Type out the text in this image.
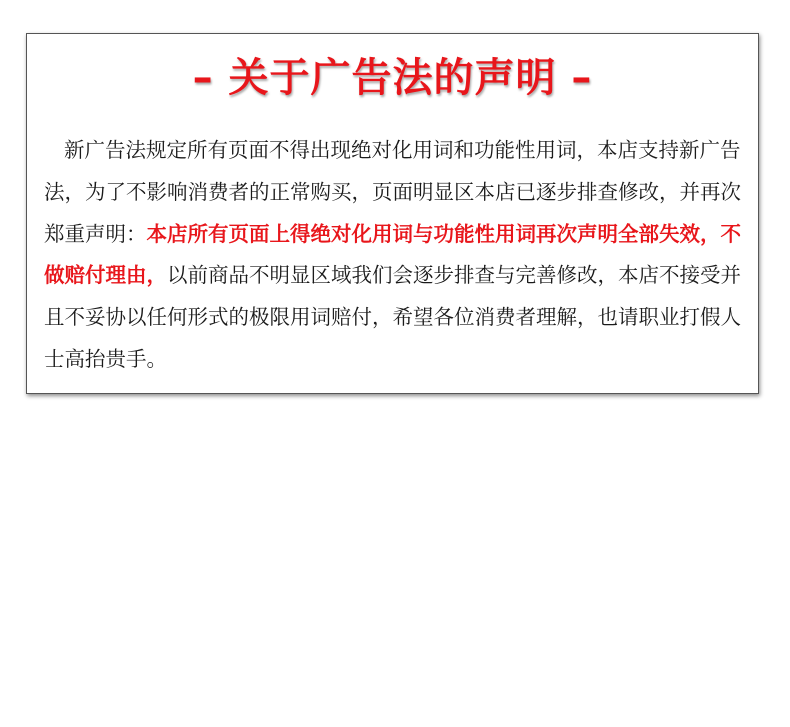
– 关于广告法的声明 –
新广告法规定所有页面不得出现绝对化用词和功能性用词，本店支持新广告法，为了不影响消费者的正常购买，页面明显区本店已逐步排查修改，并再次郑重声明：本店所有页面上得绝对化用词与功能性用词再次声明全部失效，不做赔付理由，以前商品不明显区域我们会逐步排查与完善修改，本店不接受并且不妥协以任何形式的极限用词赔付，希望各位消费者理解，也请职业打假人士高抬贵手。
